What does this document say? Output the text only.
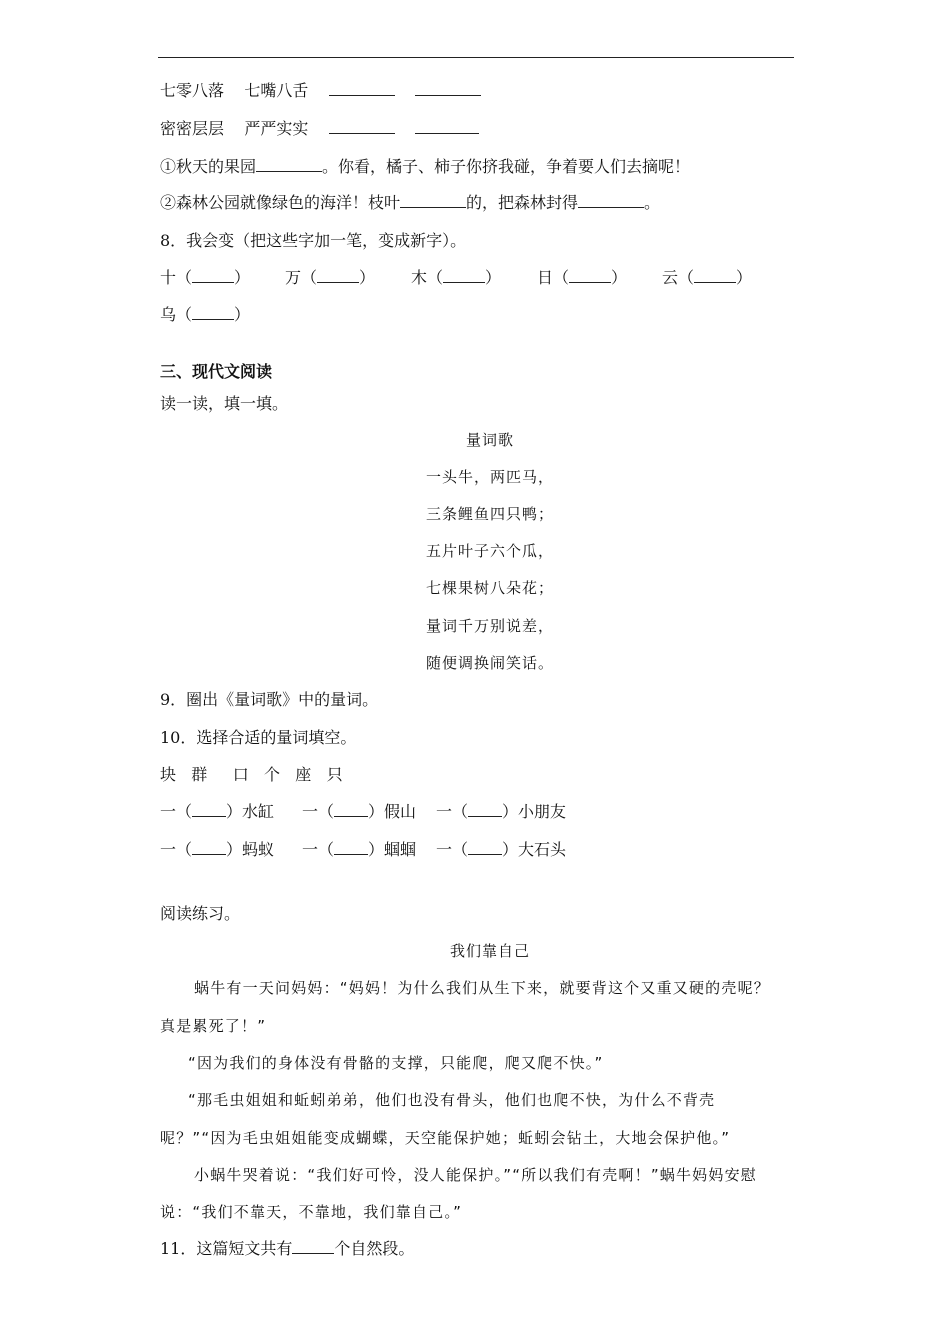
七零八落 七嘴八舌
密密层层 严严实实
①秋天的果园	。你看，橘子、柿子你挤我碰，争着要人们去摘呢！
②森林公园就像绿色的海洋！枝叶	的，把森林封得	。
8．我会变（把这些字加一笔，变成新字）。
十（	） 万（	） 木（	） 日（	） 云（	）
乌（	）
三、现代文阅读
读一读，填一填。
量词歌
一头牛，两匹马，
三条鲤鱼四只鸭；
五片叶子六个瓜，
七棵果树八朵花；
量词千万别说差，
随便调换闹笑话。
9．圈出《量词歌》中的量词。
10．选择合适的量词填空。
块 群 口 个 座 只
一（ ）水缸 一（ ）假山 一（ ）小朋友
一（ ）蚂蚁 一（ ）蝈蝈 一（ ）大石头
阅读练习。
我们靠自己
蜗牛有一天问妈妈：“妈妈！为什么我们从生下来，就要背这个又重又硬的壳呢？
真是累死了！”
“因为我们的身体没有骨骼的支撑，只能爬，爬又爬不快。”
“那毛虫姐姐和蚯蚓弟弟，他们也没有骨头，他们也爬不快，为什么不背壳
呢？”“因为毛虫姐姐能变成蝴蝶，天空能保护她；蚯蚓会钻土，大地会保护他。”
小蜗牛哭着说：“我们好可怜，没人能保护。”“所以我们有壳啊！”蜗牛妈妈安慰
说：“我们不靠天，不靠地，我们靠自己。”
11．这篇短文共有	个自然段。
